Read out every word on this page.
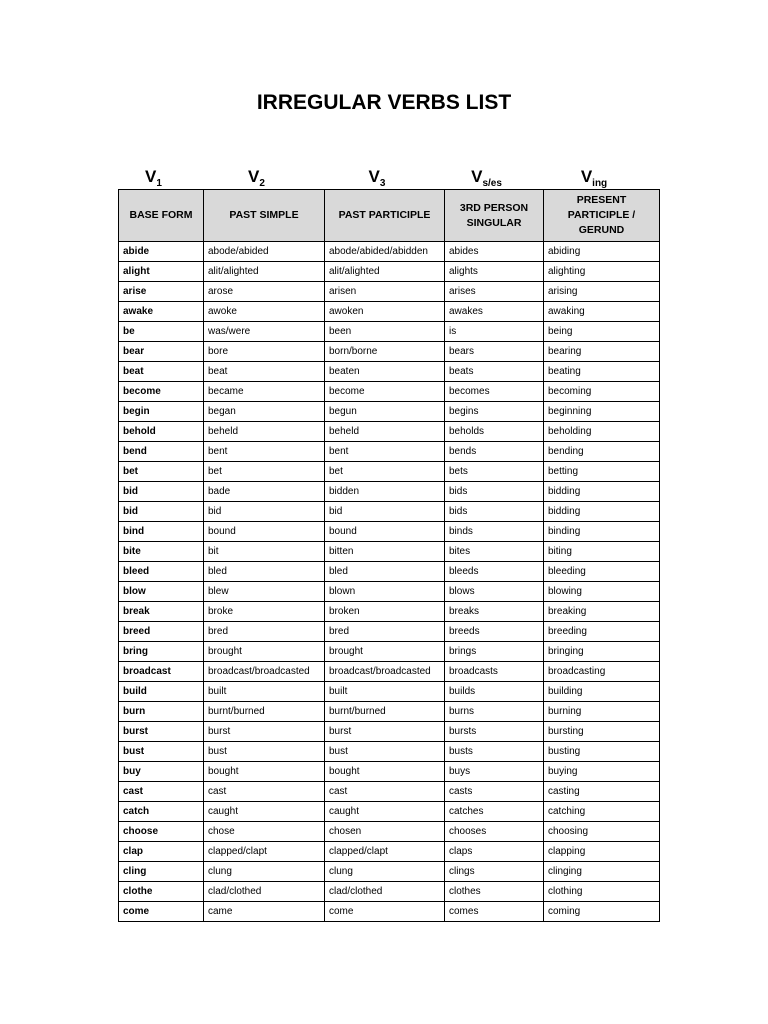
IRREGULAR VERBS LIST
$V_1$	$V_2$	$V_3$	$V_{s/es}$	$V_{ing}$
BASE FORM	PAST SIMPLE	PAST PARTICIPLE	3RD PERSON SINGULAR	PRESENT PARTICIPLE / GERUND
abide	abode/abided	abode/abided/abidden	abides	abiding
alight	alit/alighted	alit/alighted	alights	alighting
arise	arose	arisen	arises	arising
awake	awoke	awoken	awakes	awaking
be	was/were	been	is	being
bear	bore	born/borne	bears	bearing
beat	beat	beaten	beats	beating
become	became	become	becomes	becoming
begin	began	begun	begins	beginning
behold	beheld	beheld	beholds	beholding
bend	bent	bent	bends	bending
bet	bet	bet	bets	betting
bid	bade	bidden	bids	bidding
bid	bid	bid	bids	bidding
bind	bound	bound	binds	binding
bite	bit	bitten	bites	biting
bleed	bled	bled	bleeds	bleeding
blow	blew	blown	blows	blowing
break	broke	broken	breaks	breaking
breed	bred	bred	breeds	breeding
bring	brought	brought	brings	bringing
broadcast	broadcast/broadcasted	broadcast/broadcasted	broadcasts	broadcasting
build	built	built	builds	building
burn	burnt/burned	burnt/burned	burns	burning
burst	burst	burst	bursts	bursting
bust	bust	bust	busts	busting
buy	bought	bought	buys	buying
cast	cast	cast	casts	casting
catch	caught	caught	catches	catching
choose	chose	chosen	chooses	choosing
clap	clapped/clapt	clapped/clapt	claps	clapping
cling	clung	clung	clings	clinging
clothe	clad/clothed	clad/clothed	clothes	clothing
come	came	come	comes	coming
